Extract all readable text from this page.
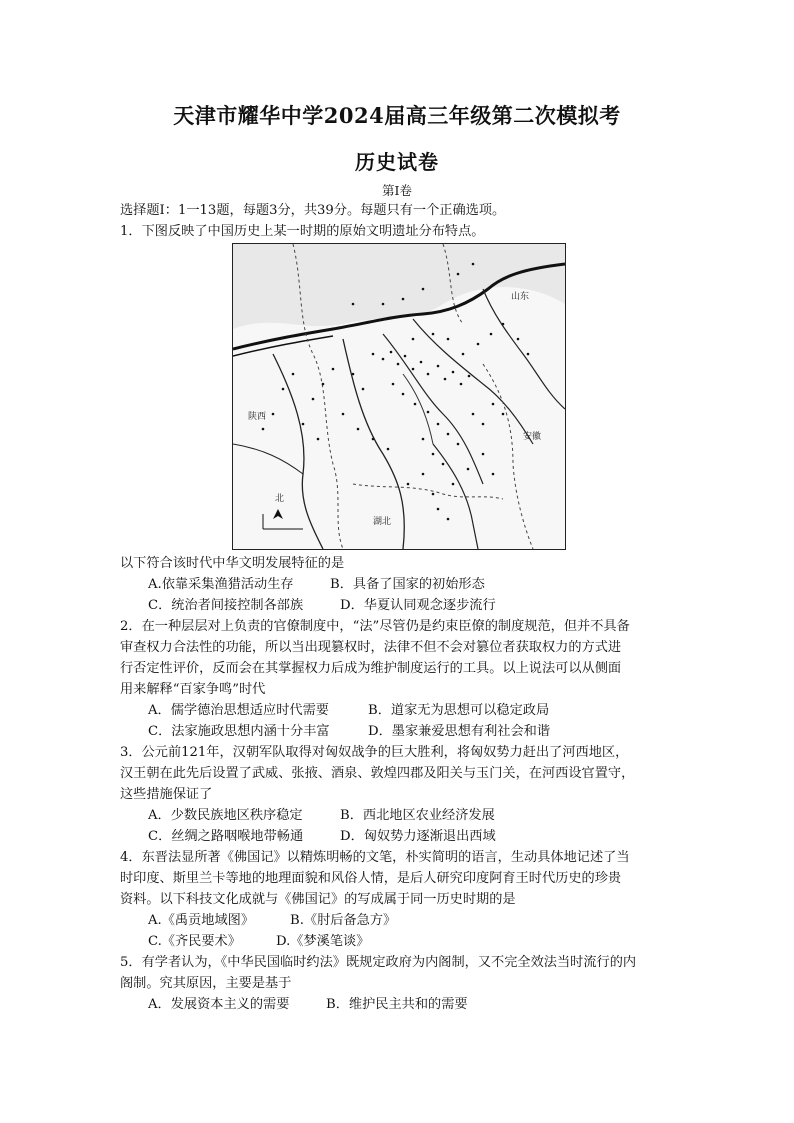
天津市耀华中学2024届高三年级第二次模拟考
历史试卷
第I卷
选择题Ⅰ：1一13题，每题3分，共39分。每题只有一个正确选项。
1．下图反映了中国历史上某一时期的原始文明遗址分布特点。
山东
陕西
湖北
安徽
北
以下符合该时代中华文明发展特征的是
A.依靠采集渔猎活动生存	B．具备了国家的初始形态
C．统治者间接控制各部族	D．华夏认同观念逐步流行
2．在一种层层对上负责的官僚制度中，“法”尽管仍是约束臣僚的制度规范，但并不具备
审查权力合法性的功能，所以当出现篡权时，法律不但不会对篡位者获取权力的方式进
行否定性评价，反而会在其掌握权力后成为维护制度运行的工具。以上说法可以从侧面
用来解释“百家争鸣”时代
A．儒学德治思想适应时代需要	B．道家无为思想可以稳定政局
C．法家施政思想内涵十分丰富	D．墨家兼爱思想有利社会和谐
3．公元前121年，汉朝军队取得对匈奴战争的巨大胜利，将匈奴势力赶出了河西地区，
汉王朝在此先后设置了武威、张掖、酒泉、敦煌四郡及阳关与玉门关，在河西设官置守，
这些措施保证了
A．少数民族地区秩序稳定	B．西北地区农业经济发展
C．丝绸之路咽喉地带畅通	D．匈奴势力逐渐退出西域
4．东晋法显所著《佛国记》以精炼明畅的文笔，朴实简明的语言，生动具体地记述了当
时印度、斯里兰卡等地的地理面貌和风俗人情，是后人研究印度阿育王时代历史的珍贵
资料。以下科技文化成就与《佛国记》的写成属于同一历史时期的是
A.《禹贡地域图》	B.《肘后备急方》
C.《齐民要术》	D.《梦溪笔谈》
5．有学者认为，《中华民国临时约法》既规定政府为内阁制，又不完全效法当时流行的内
阁制。究其原因，主要是基于
A．发展资本主义的需要	B．维护民主共和的需要
